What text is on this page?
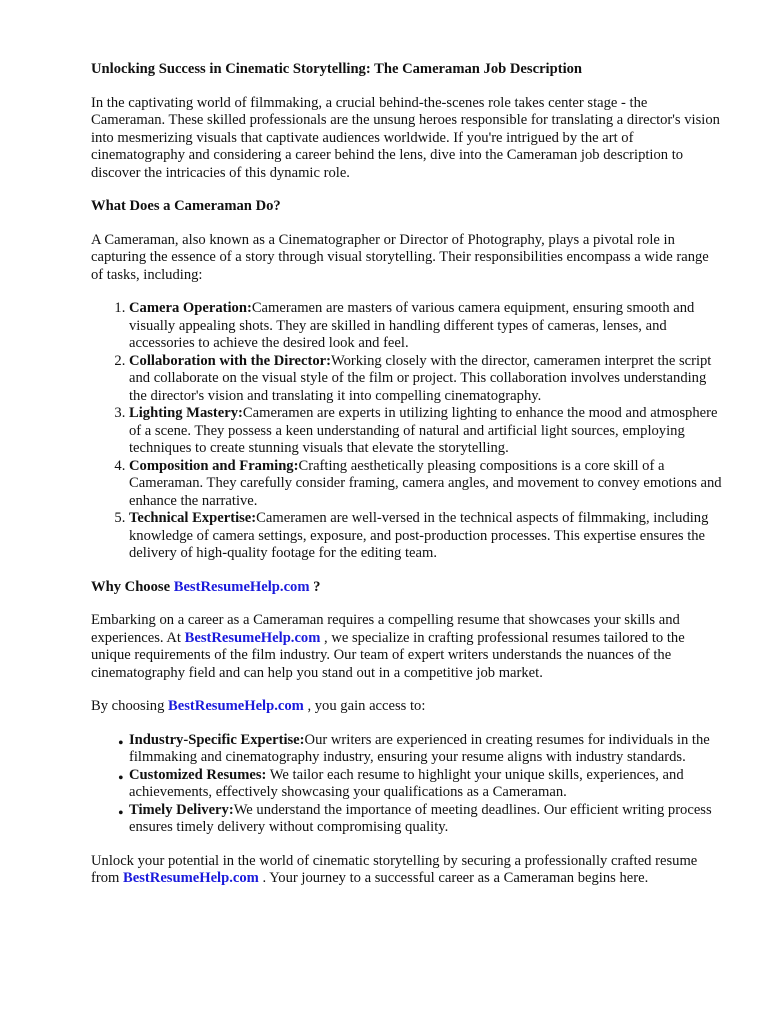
Unlocking Success in Cinematic Storytelling: The Cameraman Job Description

In the captivating world of filmmaking, a crucial behind-the-scenes role takes center stage - the Cameraman. These skilled professionals are the unsung heroes responsible for translating a director's vision into mesmerizing visuals that captivate audiences worldwide. If you're intrigued by the art of cinematography and considering a career behind the lens, dive into the Cameraman job description to discover the intricacies of this dynamic role.

What Does a Cameraman Do?

A Cameraman, also known as a Cinematographer or Director of Photography, plays a pivotal role in capturing the essence of a story through visual storytelling. Their responsibilities encompass a wide range of tasks, including:

1. Camera Operation:Cameramen are masters of various camera equipment, ensuring smooth and visually appealing shots. They are skilled in handling different types of cameras, lenses, and accessories to achieve the desired look and feel.
2. Collaboration with the Director:Working closely with the director, cameramen interpret the script and collaborate on the visual style of the film or project. This collaboration involves understanding the director's vision and translating it into compelling cinematography.
3. Lighting Mastery:Cameramen are experts in utilizing lighting to enhance the mood and atmosphere of a scene. They possess a keen understanding of natural and artificial light sources, employing techniques to create stunning visuals that elevate the storytelling.
4. Composition and Framing:Crafting aesthetically pleasing compositions is a core skill of a Cameraman. They carefully consider framing, camera angles, and movement to convey emotions and enhance the narrative.
5. Technical Expertise:Cameramen are well-versed in the technical aspects of filmmaking, including knowledge of camera settings, exposure, and post-production processes. This expertise ensures the delivery of high-quality footage for the editing team.
Why Choose BestResumeHelp.com ?

Embarking on a career as a Cameraman requires a compelling resume that showcases your skills and experiences. At BestResumeHelp.com , we specialize in crafting professional resumes tailored to the unique requirements of the film industry. Our team of expert writers understands the nuances of the cinematography field and can help you stand out in a competitive job market.

By choosing BestResumeHelp.com , you gain access to:

• Industry-Specific Expertise:Our writers are experienced in creating resumes for individuals in the filmmaking and cinematography industry, ensuring your resume aligns with industry standards.
• Customized Resumes: We tailor each resume to highlight your unique skills, experiences, and achievements, effectively showcasing your qualifications as a Cameraman.
• Timely Delivery:We understand the importance of meeting deadlines. Our efficient writing process ensures timely delivery without compromising quality.

Unlock your potential in the world of cinematic storytelling by securing a professionally crafted resume from BestResumeHelp.com . Your journey to a successful career as a Cameraman begins here.
